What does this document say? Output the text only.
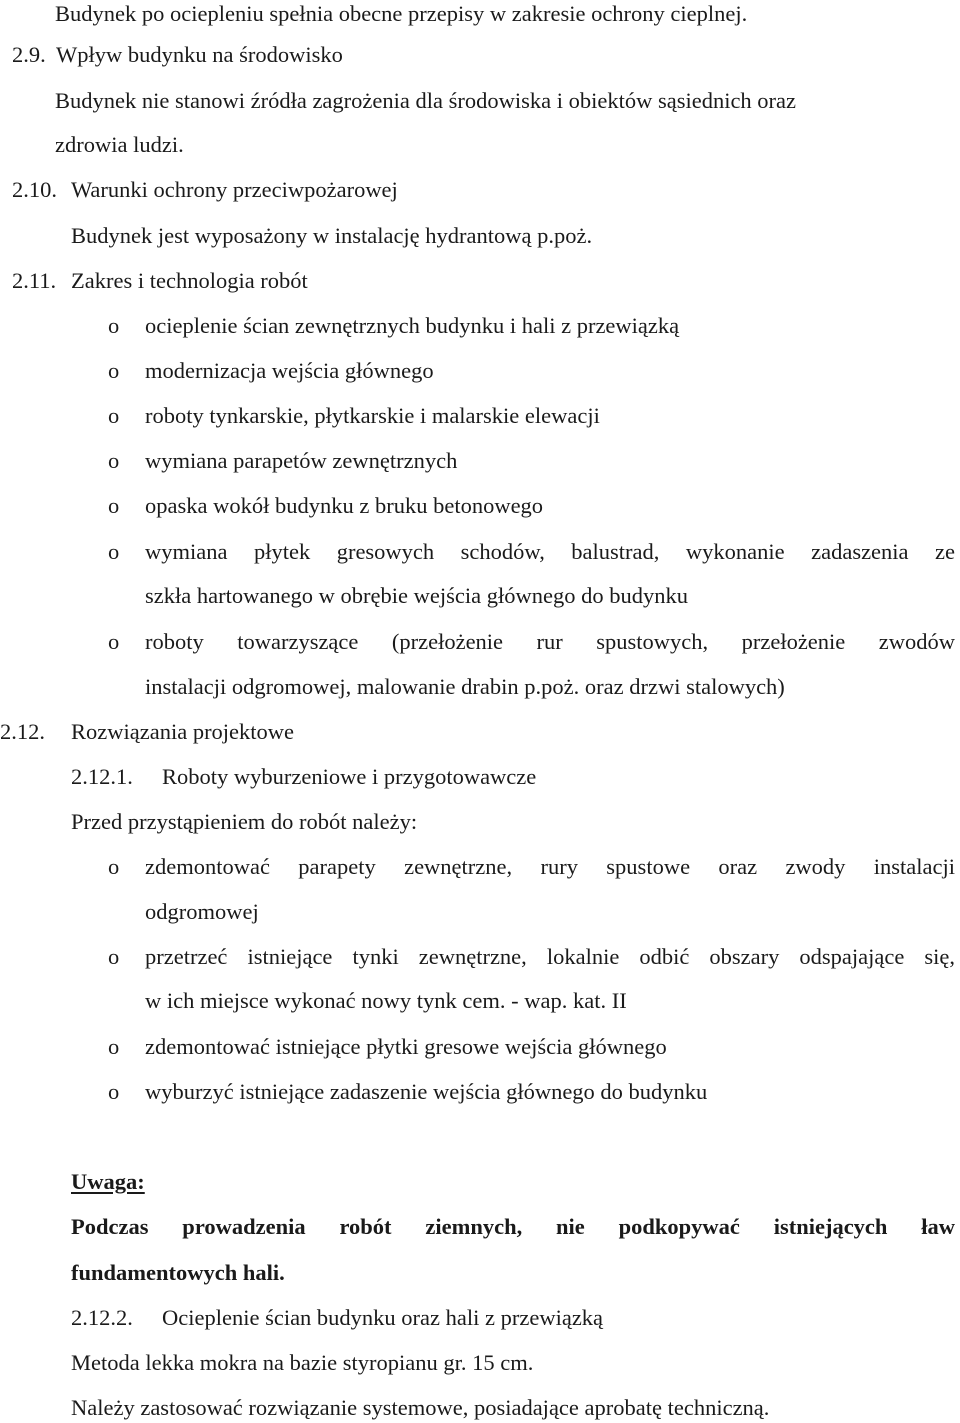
Budynek po ociepleniu spełnia obecne przepisy w zakresie ochrony cieplnej.
2.9. Wpływ budynku na środowisko
Budynek nie stanowi źródła zagrożenia dla środowiska i obiektów sąsiednich oraz
zdrowia ludzi.
2.10. Warunki ochrony przeciwpożarowej
Budynek jest wyposażony w instalację hydrantową p.poż.
2.11. Zakres i technologia robót
o ocieplenie ścian zewnętrznych budynku i hali z przewiązką
o modernizacja wejścia głównego
o roboty tynkarskie, płytkarskie i malarskie elewacji
o wymiana parapetów zewnętrznych
o opaska wokół budynku z bruku betonowego
o wymiana płytek gresowych schodów, balustrad, wykonanie zadaszenia ze
szkła hartowanego w obrębie wejścia głównego do budynku
o roboty towarzyszące (przełożenie rur spustowych, przełożenie zwodów
instalacji odgromowej, malowanie drabin p.poż. oraz drzwi stalowych)
2.12. Rozwiązania projektowe
2.12.1. Roboty wyburzeniowe i przygotowawcze
Przed przystąpieniem do robót należy:
o zdemontować parapety zewnętrzne, rury spustowe oraz zwody instalacji
odgromowej
o przetrzeć istniejące tynki zewnętrzne, lokalnie odbić obszary odspajające się,
w ich miejsce wykonać nowy tynk cem. - wap. kat. II
o zdemontować istniejące płytki gresowe wejścia głównego
o wyburzyć istniejące zadaszenie wejścia głównego do budynku
Uwaga:
Podczas prowadzenia robót ziemnych, nie podkopywać istniejących ław
fundamentowych hali.
2.12.2. Ocieplenie ścian budynku oraz hali z przewiązką
Metoda lekka mokra na bazie styropianu gr. 15 cm.
Należy zastosować rozwiązanie systemowe, posiadające aprobatę techniczną.
